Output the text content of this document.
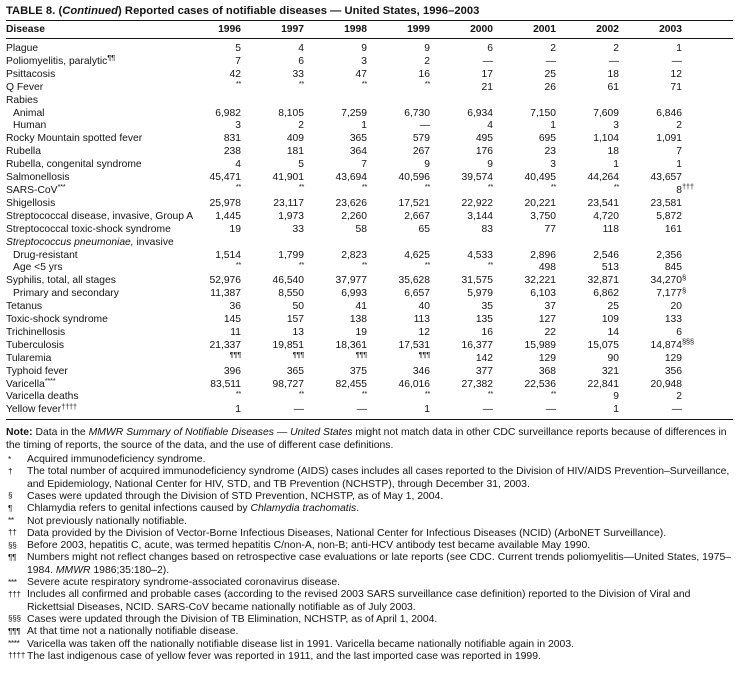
TABLE 8. (Continued) Reported cases of notifiable diseases — United States, 1996–2003
Disease	1996	1997	1998	1999	2000	2001	2002	2003	
Plague	5	4	9	9	6	2	2	1	
Poliomyelitis, paralytic¶¶	7	6	3	2	—	—	—	—	
Psittacosis	42	33	47	16	17	25	18	12	
Q Fever	**	**	**	**	21	26	61	71	
Rabies									
Animal	6,982	8,105	7,259	6,730	6,934	7,150	7,609	6,846	
Human	3	2	1	—	4	1	3	2	
Rocky Mountain spotted fever	831	409	365	579	495	695	1,104	1,091	
Rubella	238	181	364	267	176	23	18	7	
Rubella, congenital syndrome	4	5	7	9	9	3	1	1	
Salmonellosis	45,471	41,901	43,694	40,596	39,574	40,495	44,264	43,657	
SARS-CoV***	**	**	**	**	**	**	**	8†††	
Shigellosis	25,978	23,117	23,626	17,521	22,922	20,221	23,541	23,581	
Streptococcal disease, invasive, Group A	1,445	1,973	2,260	2,667	3,144	3,750	4,720	5,872	
Streptococcal toxic-shock syndrome	19	33	58	65	83	77	118	161	
Streptococcus pneumoniae, invasive									
Drug-resistant	1,514	1,799	2,823	4,625	4,533	2,896	2,546	2,356	
Age <5 yrs	**	**	**	**	**	498	513	845	
Syphilis, total, all stages	52,976	46,540	37,977	35,628	31,575	32,221	32,871	34,270§	
Primary and secondary	11,387	8,550	6,993	6,657	5,979	6,103	6,862	7,177§	
Tetanus	36	50	41	40	35	37	25	20	
Toxic-shock syndrome	145	157	138	113	135	127	109	133	
Trichinellosis	11	13	19	12	16	22	14	6	
Tuberculosis	21,337	19,851	18,361	17,531	16,377	15,989	15,075	14,874§§§	
Tularemia	¶¶¶	¶¶¶	¶¶¶	¶¶¶	142	129	90	129	
Typhoid fever	396	365	375	346	377	368	321	356	
Varicella****	83,511	98,727	82,455	46,016	27,382	22,536	22,841	20,948	
Varicella deaths	**	**	**	**	**	**	9	2	
Yellow fever††††	1	—	—	1	—	—	1	—	
Note: Data in the MMWR Summary of Notifiable Diseases — United States might not match data in other CDC surveillance reports because of differences in the timing of reports, the source of the data, and the use of different case definitions.
*	Acquired immunodeficiency syndrome.
†	The total number of acquired immunodeficiency syndrome (AIDS) cases includes all cases reported to the Division of HIV/AIDS Prevention–Surveillance, and Epidemiology, National Center for HIV, STD, and TB Prevention (NCHSTP), through December 31, 2003.
§	Cases were updated through the Division of STD Prevention, NCHSTP, as of May 1, 2004.
¶	Chlamydia refers to genital infections caused by Chlamydia trachomatis.
**	Not previously nationally notifiable.
††	Data provided by the Division of Vector-Borne Infectious Diseases, National Center for Infectious Diseases (NCID) (ArboNET Surveillance).
§§	Before 2003, hepatitis C, acute, was termed hepatitis C/non-A, non-B; anti-HCV antibody test became available May 1990.
¶¶	Numbers might not reflect changes based on retrospective case evaluations or late reports (see CDC. Current trends poliomyelitis—United States, 1975–1984. MMWR 1986;35:180–2).
*** Severe acute respiratory syndrome-associated coronavirus disease.
††† Includes all confirmed and probable cases (according to the revised 2003 SARS surveillance case definition) reported to the Division of Viral and Rickettsial Diseases, NCID. SARS-CoV became nationally notifiable as of July 2003.
§§§ Cases were updated through the Division of TB Elimination, NCHSTP, as of April 1, 2004.
¶¶¶ At that time not a nationally notifiable disease.
**** Varicella was taken off the nationally notifiable disease list in 1991. Varicella became nationally notifiable again in 2003.
†††† The last indigenous case of yellow fever was reported in 1911, and the last imported case was reported in 1999.
